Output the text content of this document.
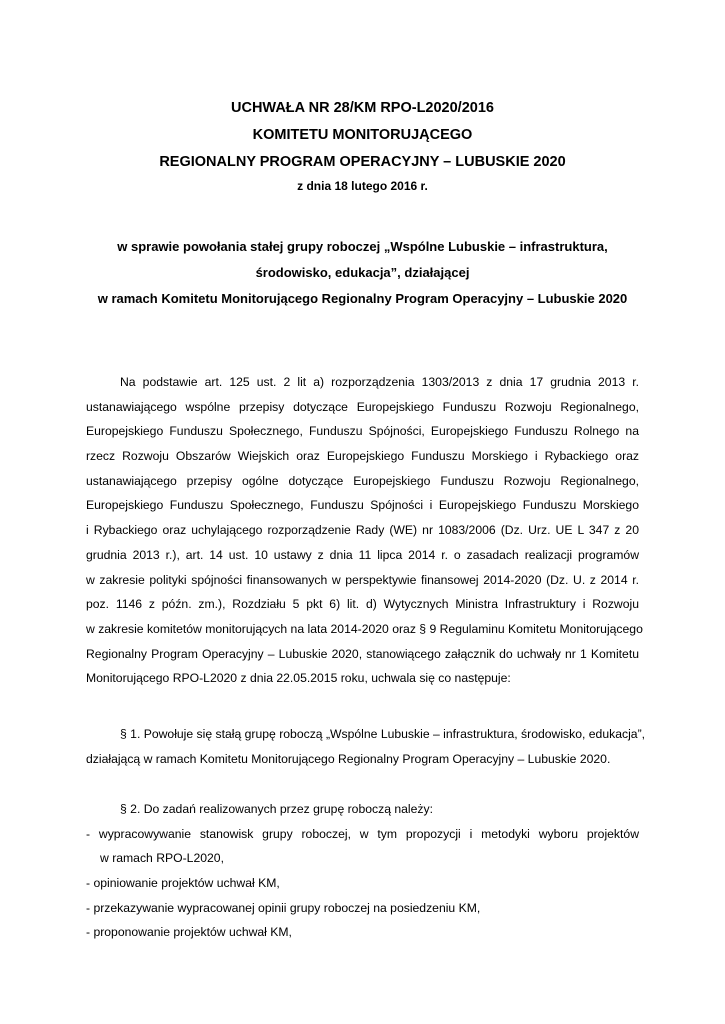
UCHWAŁA NR 28/KM RPO-L2020/2016
KOMITETU MONITORUJĄCEGO
REGIONALNY PROGRAM OPERACYJNY – LUBUSKIE 2020
z dnia 18 lutego 2016 r.
w sprawie powołania stałej grupy roboczej „Wspólne Lubuskie – infrastruktura,
środowisko, edukacja”, działającej
w ramach Komitetu Monitorującego Regionalny Program Operacyjny – Lubuskie 2020
Na podstawie art. 125 ust. 2 lit a) rozporządzenia 1303/2013 z dnia 17 grudnia 2013 r.
ustanawiającego wspólne przepisy dotyczące Europejskiego Funduszu Rozwoju Regionalnego,
Europejskiego Funduszu Społecznego, Funduszu Spójności, Europejskiego Funduszu Rolnego na
rzecz Rozwoju Obszarów Wiejskich oraz Europejskiego Funduszu Morskiego i Rybackiego oraz
ustanawiającego przepisy ogólne dotyczące Europejskiego Funduszu Rozwoju Regionalnego,
Europejskiego Funduszu Społecznego, Funduszu Spójności i Europejskiego Funduszu Morskiego
i Rybackiego oraz uchylającego rozporządzenie Rady (WE) nr 1083/2006 (Dz. Urz. UE L 347 z 20
grudnia 2013 r.), art. 14 ust. 10 ustawy z dnia 11 lipca 2014 r. o zasadach realizacji programów
w zakresie polityki spójności finansowanych w perspektywie finansowej 2014-2020 (Dz. U. z 2014 r.
poz. 1146 z późn. zm.), Rozdziału 5 pkt 6) lit. d) Wytycznych Ministra Infrastruktury i Rozwoju
w zakresie komitetów monitorujących na lata 2014-2020 oraz § 9 Regulaminu Komitetu Monitorującego
Regionalny Program Operacyjny – Lubuskie 2020, stanowiącego załącznik do uchwały nr 1 Komitetu
Monitorującego RPO-L2020 z dnia 22.05.2015 roku, uchwala się co następuje:
§ 1. Powołuje się stałą grupę roboczą „Wspólne Lubuskie – infrastruktura, środowisko, edukacja”,
działającą w ramach Komitetu Monitorującego Regionalny Program Operacyjny – Lubuskie 2020.
§ 2. Do zadań realizowanych przez grupę roboczą należy:
- wypracowywanie stanowisk grupy roboczej, w tym propozycji i metodyki wyboru projektów
w ramach RPO-L2020,
- opiniowanie projektów uchwał KM,
- przekazywanie wypracowanej opinii grupy roboczej na posiedzeniu KM,
- proponowanie projektów uchwał KM,
